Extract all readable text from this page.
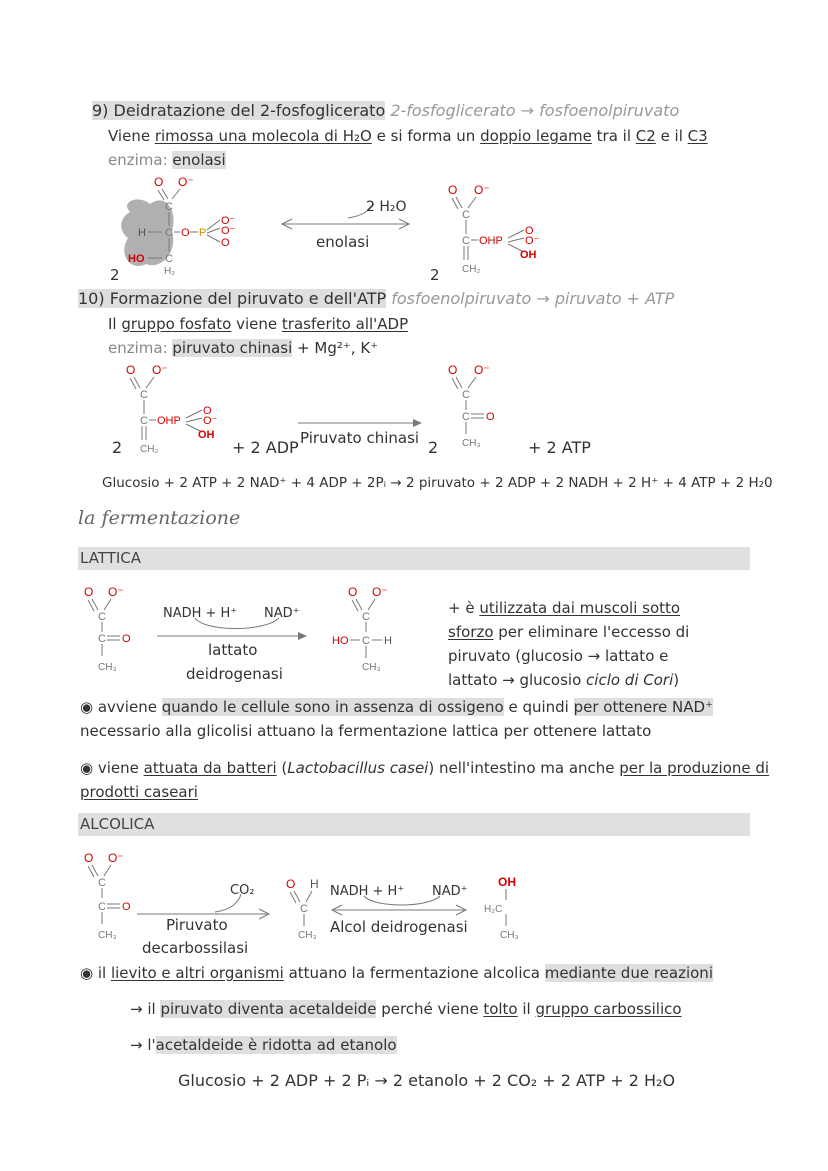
9) Deidratazione del 2-fosfoglicerato 2-fosfoglicerato → fosfoenolpiruvato
Viene rimossa una molecola di H₂O e si forma un doppio legame tra il C2 e il C3
enzima: enolasi
O O⁻
C
H C O P
O⁻
O⁻
O
HO C
H₂
2
2 H₂O
enolasi
O O⁻
C
C OHP
O
O⁻
OH
CH₂
2
10) Formazione del piruvato e dell'ATP fosfoenolpiruvato → piruvato + ATP
Il gruppo fosfato viene trasferito all'ADP
enzima: piruvato chinasi + Mg²⁺, K⁺
O O⁻
C
C OHP
O
O⁻
OH
CH₂
2	+ 2 ADP Piruvato chinasi 2
O O⁻
C
C O
CH₃	+ 2 ATP
Glucosio + 2 ATP + 2 NAD⁺ + 4 ADP + 2Pᵢ → 2 piruvato + 2 ADP + 2 NADH + 2 H⁺ + 4 ATP + 2 H₂0
la fermentazione
LATTICA
O O⁻
C
C O
CH₃
NADH + H⁺ NAD⁺
lattato
deidrogenasi
O O⁻
C
HO C H
CH₃
+ è utilizzata dai muscoli sotto
sforzo per eliminare l'eccesso di
piruvato (glucosio → lattato e
lattato → glucosio ciclo di Cori)
◉ avviene quando le cellule sono in assenza di ossigeno e quindi per ottenere NAD⁺
necessario alla glicolisi attuano la fermentazione lattica per ottenere lattato
◉ viene attuata da batteri (Lactobacillus casei) nell'intestino ma anche per la produzione di
prodotti caseari
ALCOLICA
O O⁻
C
C O
CH₃
CO₂
Piruvato
decarbossilasi
O H
C
CH₃
NADH + H⁺ NAD⁺
Alcol deidrogenasi
OH
H₂C
CH₃
◉ il lievito e altri organismi attuano la fermentazione alcolica mediante due reazioni
→ il piruvato diventa acetaldeide perché viene tolto il gruppo carbossilico
→ l'acetaldeide è ridotta ad etanolo
Glucosio + 2 ADP + 2 Pᵢ → 2 etanolo + 2 CO₂ + 2 ATP + 2 H₂O
